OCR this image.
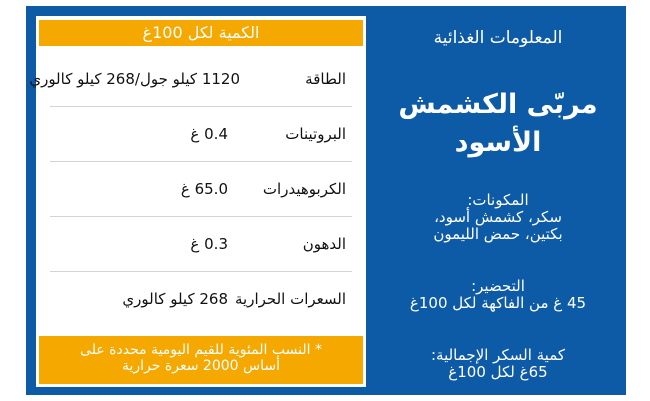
المعلومات الغذائية
مربّى الكشمش
الأسود
المكونات:
سكر، كشمش أسود،
بكتين، حمض الليمون
التحضير:
45 غ من الفاكهة لكل 100غ
كمية السكر الإجمالية:
65غ لكل 100غ
الكمية لكل 100غ
الطاقة
1120 كيلو جول/268 كيلو كالوري
البروتينات
0.4 غ
الكربوهيدرات
65.0 غ
الدهون
0.3 غ
السعرات الحرارية
268 كيلو كالوري
* النسب المئوية للقيم اليومية محددة على
أساس 2000 سعرة حرارية
